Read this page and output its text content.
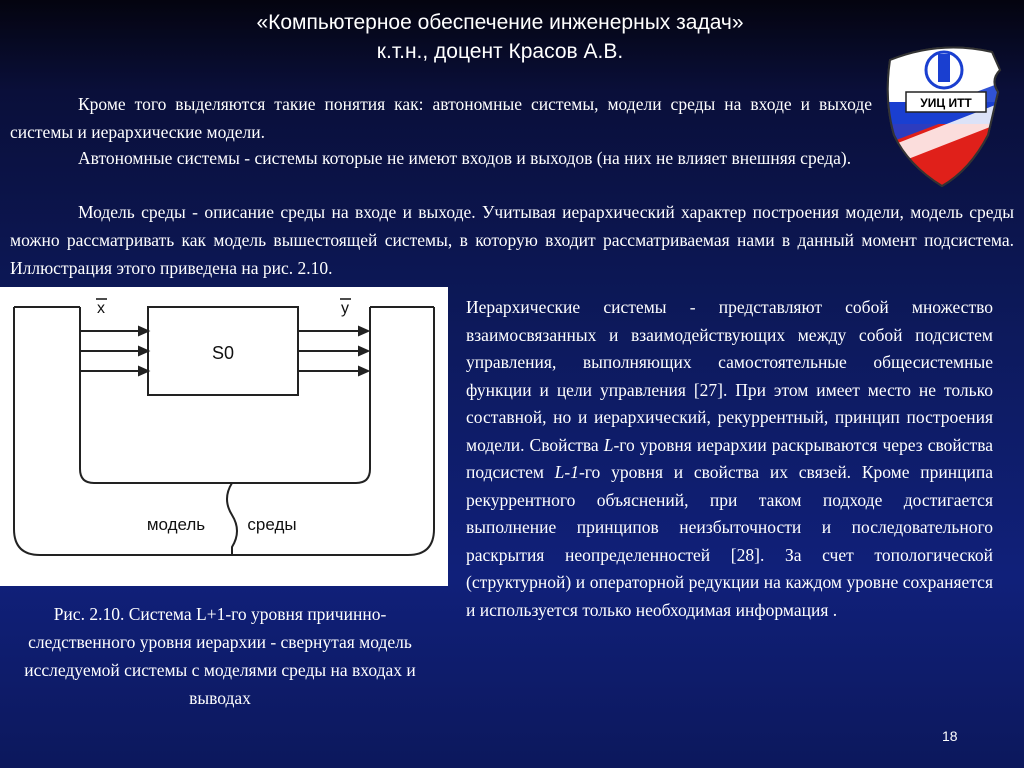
«Компьютерное обеспечение инженерных задач»
к.т.н., доцент Красов А.В.
УИЦ ИТТ
Кроме того выделяются такие понятия как: автономные системы, модели среды на входе и выходе системы и иерархические модели.
Автономные системы - системы которые не имеют входов и выходов (на них не влияет внешняя среда).
Модель среды - описание среды на входе и выходе. Учитывая иерархический характер построения модели, модель среды можно рассматривать как модель вышестоящей системы, в которую входит рассматриваемая нами в данный момент подсистема. Иллюстрация этого приведена на рис. 2.10.
S0
x	y
модель среды
Рис. 2.10. Система L+1-го уровня причинно-следственного уровня иерархии - свернутая модель исследуемой системы с моделями среды на входах и выводах
Иерархические системы - представляют собой множество взаимосвязанных и взаимодействующих между собой подсистем управления, выполняющих самостоятельные общесистемные функции и цели управления [27]. При этом имеет место не только составной, но и иерархический, рекуррентный, принцип построения модели. Свойства L-го уровня иерархии раскрываются через свойства подсистем L-1-го уровня и свойства их связей. Кроме принципа рекуррентного объяснений, при таком подходе достигается выполнение принципов неизбыточности и последовательного раскрытия неопределенностей [28]. За счет топологической (структурной) и операторной редукции на каждом уровне сохраняется и используется только необходимая информация .
18
